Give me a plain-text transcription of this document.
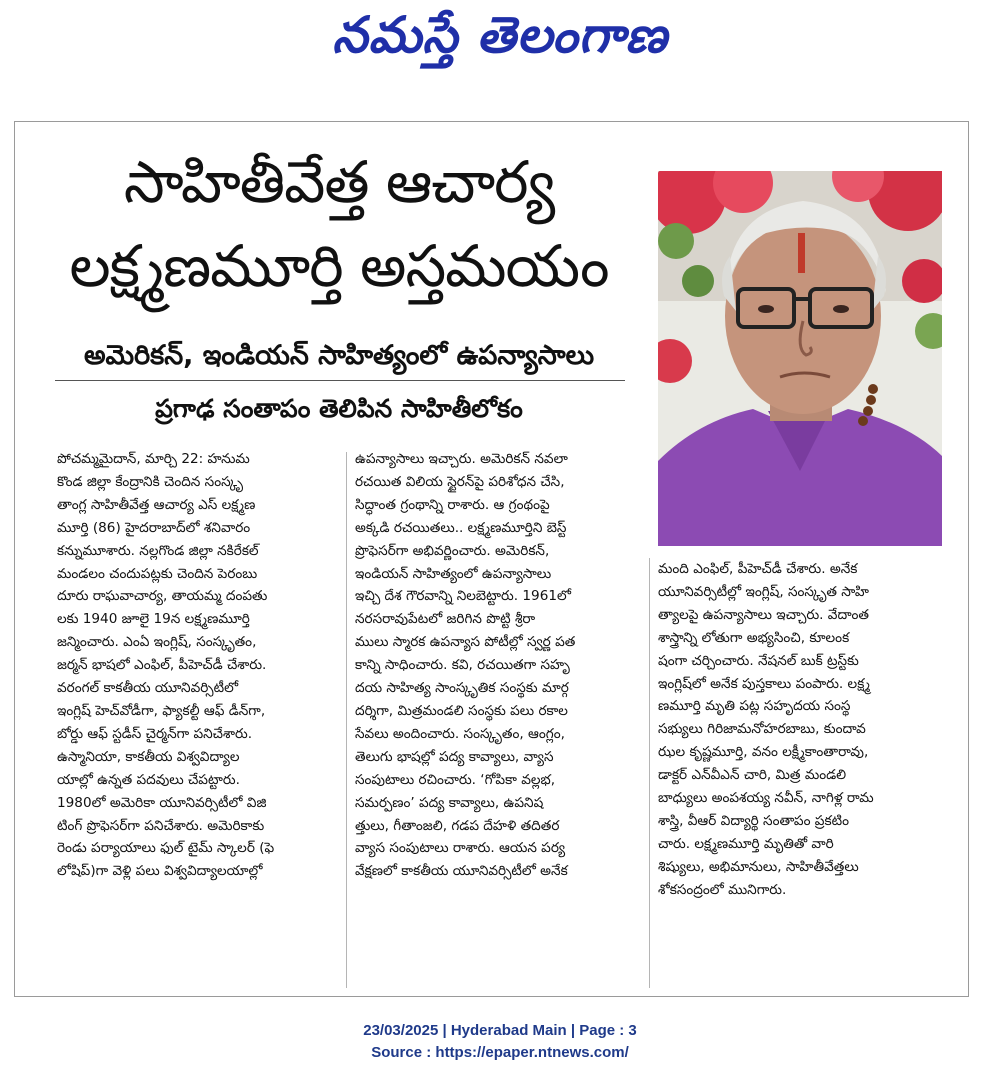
నమస్తే తెలంగాణ
సాహితీవేత్త ఆచార్య
లక్ష్మణమూర్తి అస్తమయం
అమెరికన్, ఇండియన్ సాహిత్యంలో ఉపన్యాసాలు
ప్రగాఢ సంతాపం తెలిపిన సాహితీలోకం

పోచమ్మమైదాన్, మార్చి 22: హనుమ

కొండ జిల్లా కేంద్రానికి చెందిన సంస్కృ

తాంగ్ల సాహితీవేత్త ఆచార్య ఎస్ లక్ష్మణ

మూర్తి (86) హైదరాబాద్‌లో శనివారం

కన్నుమూశారు. నల్లగొండ జిల్లా నకిరేకల్

మండలం చందుపట్లకు చెందిన పెరంబు

దూరు రాఘవాచార్య, తాయమ్మ దంపతు

లకు 1940 జూలై 19న లక్ష్మణమూర్తి

జన్మించారు. ఎంఏ ఇంగ్లిష్, సంస్కృతం,

జర్మన్ భాషలో ఎంఫిల్, పీహెచ్‌డీ చేశారు.

వరంగల్ కాకతీయ యూనివర్సిటీలో

ఇంగ్లిష్ హెచ్‌వోడీగా, ఫ్యాకల్టీ ఆఫ్ డీన్‌గా,

బోర్డు ఆఫ్ స్టడీస్ చైర్మన్‌గా పనిచేశారు.

ఉస్మానియా, కాకతీయ విశ్వవిద్యాల

యాల్లో ఉన్నత పదవులు చేపట్టారు.

1980లో అమెరికా యూనివర్సిటీలో విజి

టింగ్ ప్రొఫెసర్‌గా పనిచేశారు. అమెరికాకు

రెండు పర్యాయాలు ఫుల్ టైమ్ స్కాలర్ (ఫె

లోషిప్)గా వెళ్లి పలు విశ్వవిద్యాలయాల్లో

ఉపన్యాసాలు ఇచ్చారు. అమెరికన్ నవలా

రచయిత విలియ స్టైరన్‌పై పరిశోధన చేసి,

సిద్ధాంత గ్రంథాన్ని రాశారు. ఆ గ్రంథంపై

అక్కడి రచయితలు.. లక్ష్మణమూర్తిని బెస్ట్

ప్రొఫెసర్‌గా అభివర్ణించారు. అమెరికన్,

ఇండియన్ సాహిత్యంలో ఉపన్యాసాలు

ఇచ్చి దేశ గౌరవాన్ని నిలబెట్టారు. 1961లో

నరసరావుపేటలో జరిగిన పొట్టి శ్రీరా

ములు స్మారక ఉపన్యాస పోటీల్లో స్వర్ణ పత

కాన్ని సాధించారు. కవి, రచయితగా సహృ

దయ సాహిత్య సాంస్కృతిక సంస్థకు మార్గ

దర్శిగా, మిత్రమండలి సంస్థకు పలు రకాల

సేవలు అందించారు. సంస్కృతం, ఆంగ్లం,

తెలుగు భాషల్లో పద్య కావ్యాలు, వ్యాస

సంపుటాలు రచించారు. ‘గోపికా వల్లభ,

సమర్పణం’ పద్య కావ్యాలు, ఉపనిష

త్తులు, గీతాంజలి, గడప దేహళి తదితర

వ్యాస సంపుటాలు రాశారు. ఆయన పర్య

వేక్షణలో కాకతీయ యూనివర్సిటీలో అనేక

మంది ఎంఫిల్, పీహెచ్‌డీ చేశారు. అనేక

యూనివర్సిటీల్లో ఇంగ్లిష్, సంస్కృత సాహి

త్యాలపై ఉపన్యాసాలు ఇచ్చారు. వేదాంత

శాస్త్రాన్ని లోతుగా అభ్యసించి, కూలంక

షంగా చర్చించారు. నేషనల్ బుక్ ట్రస్ట్‌కు

ఇంగ్లిష్‌లో అనేక పుస్తకాలు పంపారు. లక్ష్మ

ణమూర్తి మృతి పట్ల సహృదయ సంస్థ

సభ్యులు గిరిజామనోహరబాబు, కుందావ

ఝల కృష్ణమూర్తి, వనం లక్ష్మీకాంతారావు,

డాక్టర్ ఎన్‌వీఎన్ చారి, మిత్ర మండలి

బాధ్యులు అంపశయ్య నవీన్, నాగిళ్ల రామ

శాస్త్రి, వీఆర్ విద్యార్థి సంతాపం ప్రకటిం

చారు. లక్ష్మణమూర్తి మృతితో వారి

శిష్యులు, అభిమానులు, సాహితీవేత్తలు

శోకసంద్రంలో మునిగారు.

23/03/2025 | Hyderabad Main | Page : 3
Source : https://epaper.ntnews.com/
